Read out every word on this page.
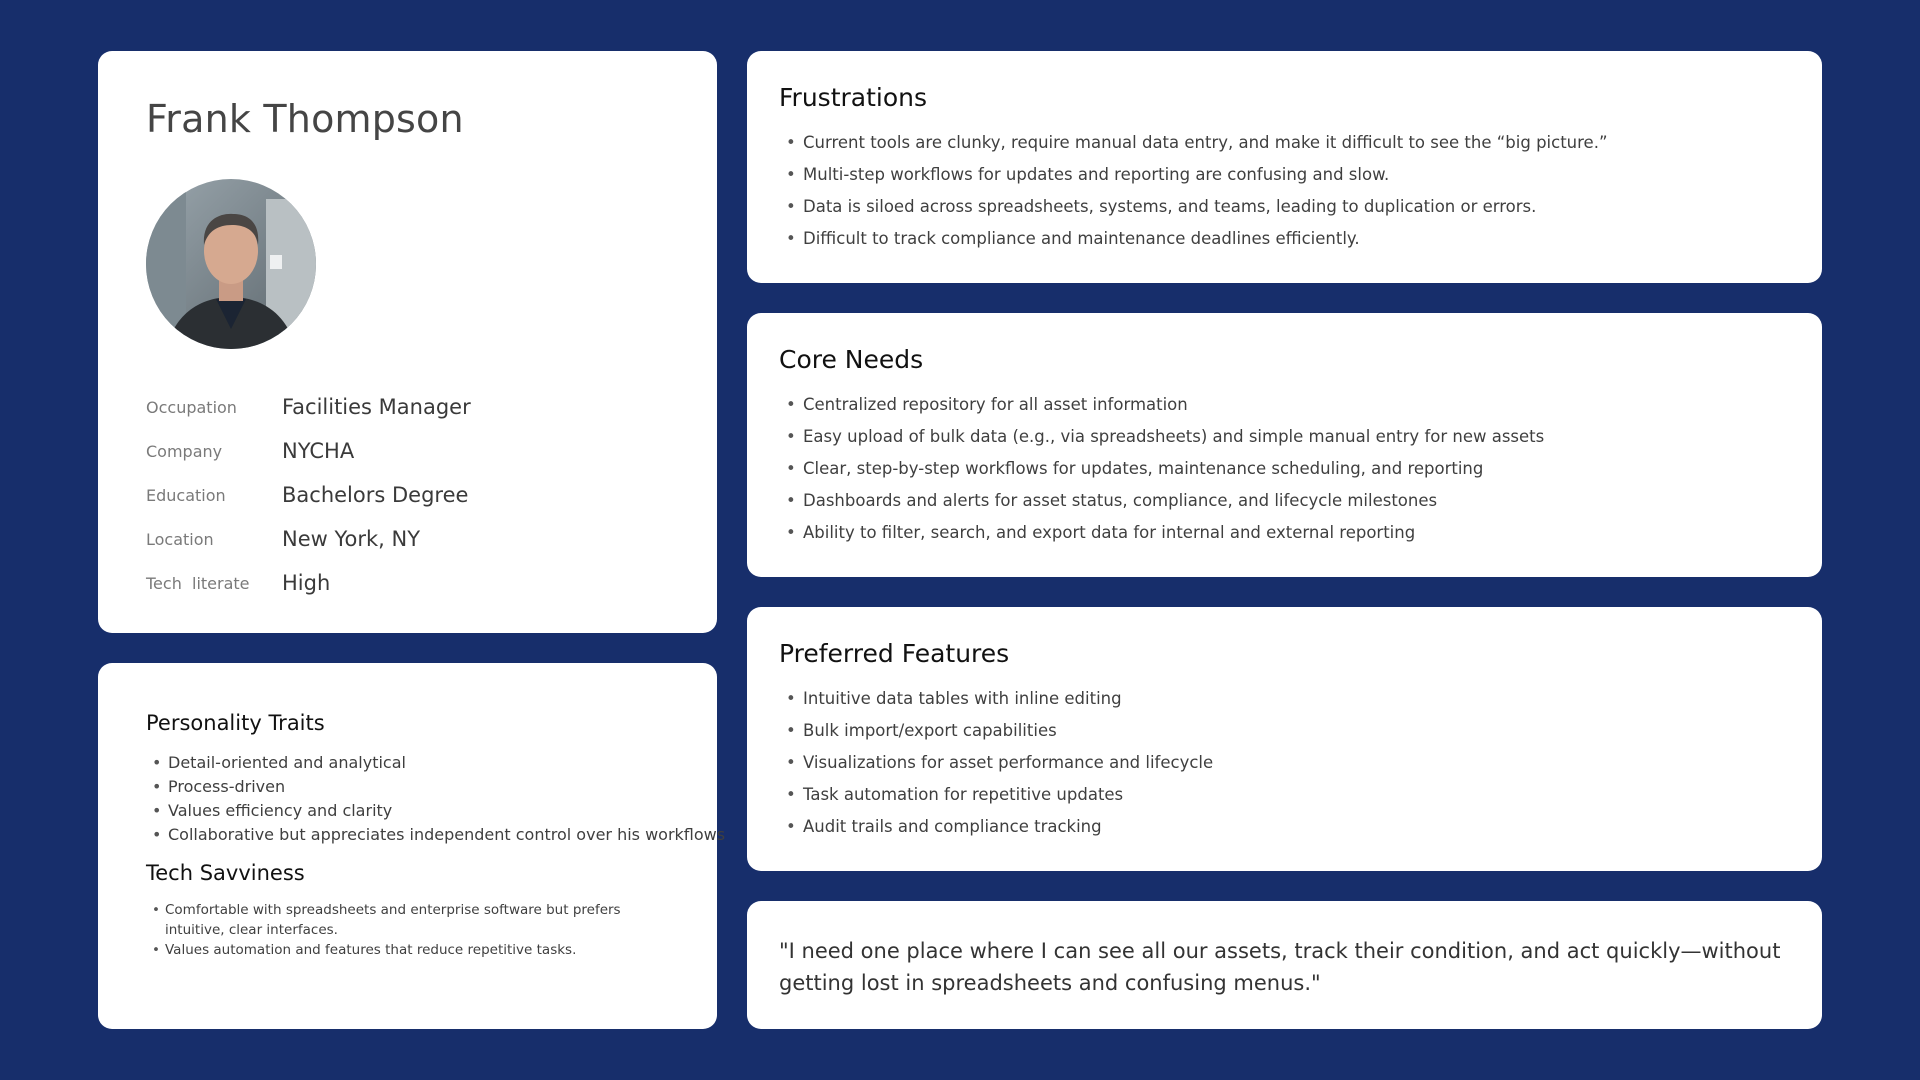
Frank Thompson
Occupation	Facilities Manager
Company	NYCHA
Education	Bachelors Degree
Location	New York, NY
Tech  literate	High
Personality Traits
• Detail-oriented and analytical
• Process-driven
• Values efficiency and clarity
• Collaborative but appreciates independent control over his workflows
Tech Savviness
• Comfortable with spreadsheets and enterprise software but prefers intuitive, clear interfaces.
• Values automation and features that reduce repetitive tasks.
Frustrations
• Current tools are clunky, require manual data entry, and make it difficult to see the “big picture.”
• Multi-step workflows for updates and reporting are confusing and slow.
• Data is siloed across spreadsheets, systems, and teams, leading to duplication or errors.
• Difficult to track compliance and maintenance deadlines efficiently.
Core Needs
• Centralized repository for all asset information
• Easy upload of bulk data (e.g., via spreadsheets) and simple manual entry for new assets
• Clear, step-by-step workflows for updates, maintenance scheduling, and reporting
• Dashboards and alerts for asset status, compliance, and lifecycle milestones
• Ability to filter, search, and export data for internal and external reporting
Preferred Features
• Intuitive data tables with inline editing
• Bulk import/export capabilities
• Visualizations for asset performance and lifecycle
• Task automation for repetitive updates
• Audit trails and compliance tracking

"I need one place where I can see all our assets, track their condition, and act quickly—without getting lost in spreadsheets and confusing menus."
